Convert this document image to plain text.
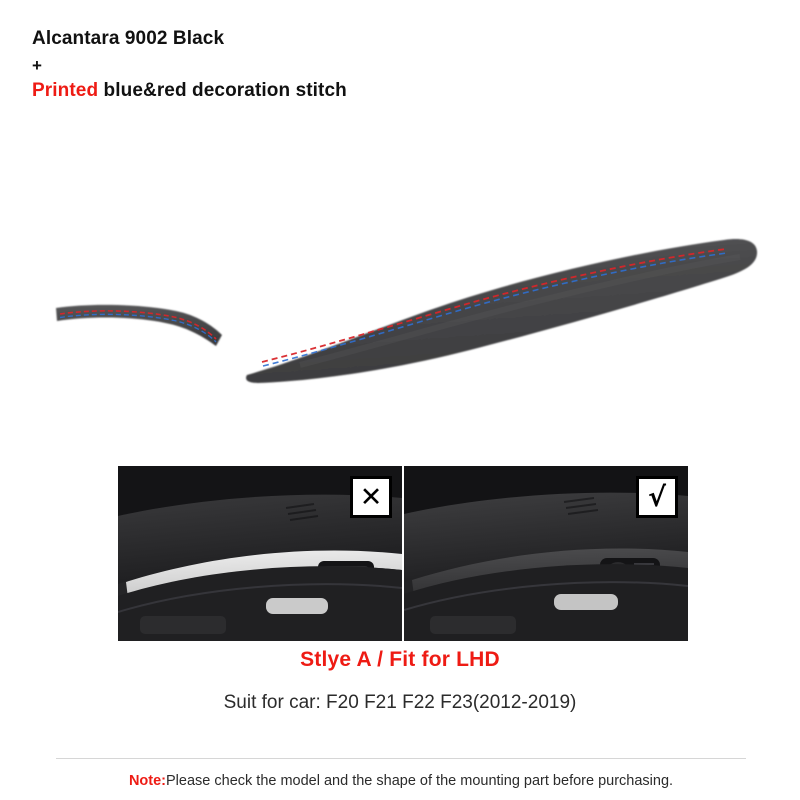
Alcantara 9002 Black
+
Printed blue&red decoration stitch
✕	√
Stlye A / Fit for LHD
Suit for car: F20 F21 F22 F23(2012-2019)
Note:Please check the model and the shape of the mounting part before purchasing.
